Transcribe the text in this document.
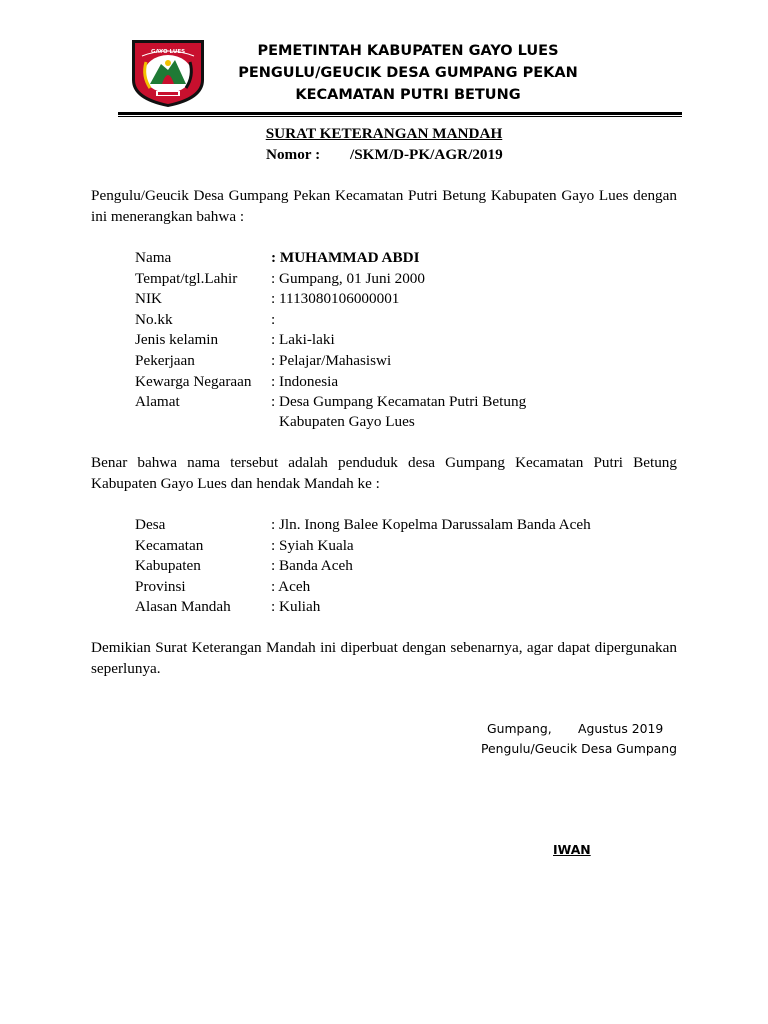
GAYO LUES	PEMETINTAH KABUPATEN GAYO LUES
PENGULU/GEUCIK DESA GUMPANG PEKAN
KECAMATAN PUTRI BETUNG
SURAT KETERANGAN MANDAH
Nomor : /SKM/D-PK/AGR/2019
Pengulu/Geucik Desa Gumpang Pekan Kecamatan Putri Betung Kabupaten Gayo Lues dengan ini menerangkan bahwa :
Nama	: MUHAMMAD ABDI
Tempat/tgl.Lahir : Gumpang, 01 Juni 2000
NIK	: 1113080106000001
No.kk	:
Jenis kelamin	: Laki-laki
Pekerjaan	: Pelajar/Mahasiswi
Kewarga Negaraan : Indonesia
Alamat	: Desa Gumpang Kecamatan Putri Betung
Kabupaten Gayo Lues
Benar bahwa nama tersebut adalah penduduk desa Gumpang Kecamatan Putri Betung Kabupaten Gayo Lues dan hendak Mandah ke :
Desa	: Jln. Inong Balee Kopelma Darussalam Banda Aceh
Kecamatan	: Syiah Kuala
Kabupaten	: Banda Aceh
Provinsi	: Aceh
Alasan Mandah	: Kuliah
Demikian Surat Keterangan Mandah ini diperbuat dengan sebenarnya, agar dapat dipergunakan seperlunya.
Gumpang, Agustus 2019
Pengulu/Geucik Desa Gumpang
IWAN
